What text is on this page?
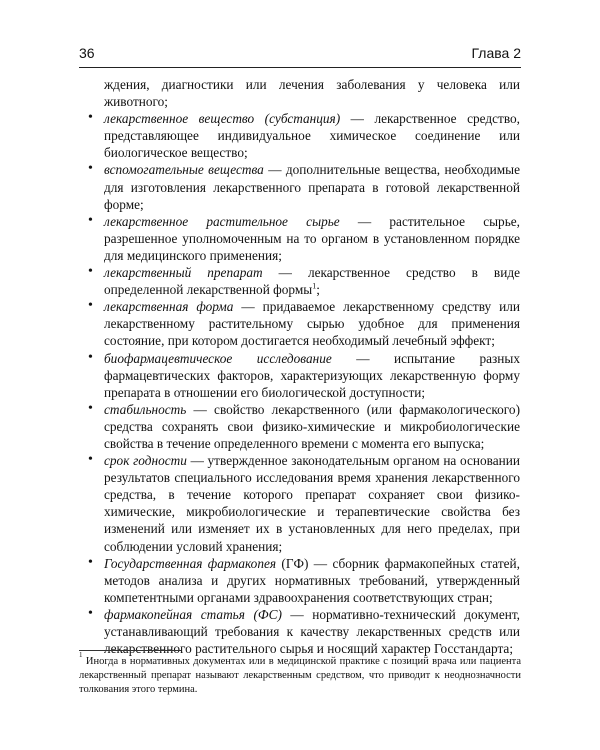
36	Глава 2

ждения, диагностики или лечения заболевания у человека или животного;

• лекарственное вещество (субстанция) — лекарственное средство, представляющее индивидуальное химическое соединение или биологическое вещество;

• вспомогательные вещества — дополнительные вещества, необходимые для изготовления лекарственного препарата в готовой лекарственной форме;

• лекарственное растительное сырье — растительное сырье, разрешенное уполномоченным на то органом в установленном порядке для медицинского применения;

• лекарственный препарат — лекарственное средство в виде определенной лекарственной формы$^1$;

• лекарственная форма — придаваемое лекарственному средству или лекарственному растительному сырью удобное для применения состояние, при котором достигается необходимый лечебный эффект;

• биофармацевтическое исследование — испытание разных фармацевтических факторов, характеризующих лекарственную форму препарата в отношении его биологической доступности;

• стабильность — свойство лекарственного (или фармакологического) средства сохранять свои физико-химические и микробиологические свойства в течение определенного времени с момента его выпуска;

• срок годности — утвержденное законодательным органом на основании результатов специального исследования время хранения лекарственного средства, в течение которого препарат сохраняет свои физико-химические, микробиологические и терапевтические свойства без изменений или изменяет их в установленных для него пределах, при соблюдении условий хранения;

• Государственная фармакопея (ГФ) — сборник фармакопейных статей, методов анализа и других нормативных требований, утвержденный компетентными органами здравоохранения соответствующих стран;

• фармакопейная статья (ФС) — нормативно-технический документ, устанавливающий требования к качеству лекарственных средств или лекарственного растительного сырья и носящий характер Госстандарта;

$^1$ Иногда в нормативных документах или в медицинской практике с позиций врача или пациента лекарственный препарат называют лекарственным средством, что приводит к неоднозначности толкования этого термина.
